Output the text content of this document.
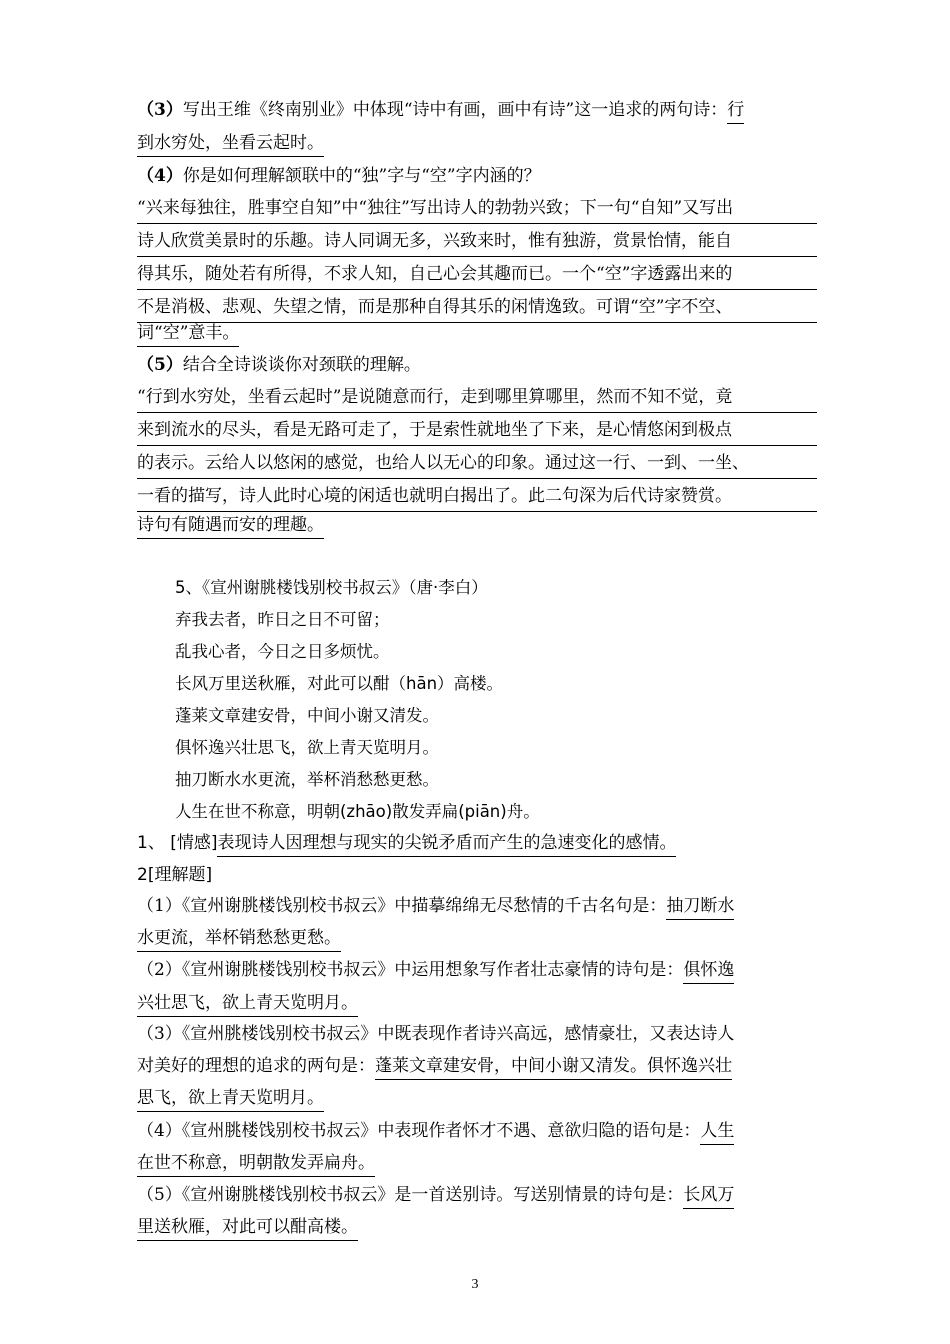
（3）写出王维《终南别业》中体现“诗中有画，画中有诗”这一追求的两句诗：行
到水穷处，坐看云起时。
（4）你是如何理解颔联中的“独”字与“空”字内涵的？
“兴来每独往，胜事空自知”中“独往”写出诗人的勃勃兴致；下一句“自知”又写出
诗人欣赏美景时的乐趣。诗人同调无多，兴致来时，惟有独游，赏景怡情，能自
得其乐，随处若有所得，不求人知，自己心会其趣而已。一个“空”字透露出来的
不是消极、悲观、失望之情，而是那种自得其乐的闲情逸致。可谓“空”字不空、
词“空”意丰。
（5）结合全诗谈谈你对颈联的理解。
“行到水穷处，坐看云起时”是说随意而行，走到哪里算哪里，然而不知不觉，竟
来到流水的尽头，看是无路可走了，于是索性就地坐了下来，是心情悠闲到极点
的表示。云给人以悠闲的感觉，也给人以无心的印象。通过这一行、一到、一坐、
一看的描写，诗人此时心境的闲适也就明白揭出了。此二句深为后代诗家赞赏。
诗句有随遇而安的理趣。
5、《宣州谢朓楼饯别校书叔云》（唐·李白）
弃我去者，昨日之日不可留；
乱我心者，今日之日多烦忧。
长风万里送秋雁，对此可以酣（hān）高楼。
蓬莱文章建安骨，中间小谢又清发。
俱怀逸兴壮思飞，欲上青天览明月。
抽刀断水水更流，举杯消愁愁更愁。
人生在世不称意，明朝(zhāo)散发弄扁(piān)舟。
1、 [情感]表现诗人因理想与现实的尖锐矛盾而产生的急速变化的感情。
2[理解题]
（1）《宣州谢朓楼饯别校书叔云》中描摹绵绵无尽愁情的千古名句是：抽刀断水
水更流，举杯销愁愁更愁。
（2）《宣州谢朓楼饯别校书叔云》中运用想象写作者壮志豪情的诗句是：俱怀逸
兴壮思飞，欲上青天览明月。
（3）《宣州朓楼饯别校书叔云》中既表现作者诗兴高远，感情豪壮，又表达诗人
对美好的理想的追求的两句是：蓬莱文章建安骨，中间小谢又清发。俱怀逸兴壮
思飞，欲上青天览明月。
（4）《宣州朓楼饯别校书叔云》中表现作者怀才不遇、意欲归隐的语句是：人生
在世不称意，明朝散发弄扁舟。
（5）《宣州谢朓楼饯别校书叔云》是一首送别诗。写送别情景的诗句是：长风万
里送秋雁，对此可以酣高楼。
3
